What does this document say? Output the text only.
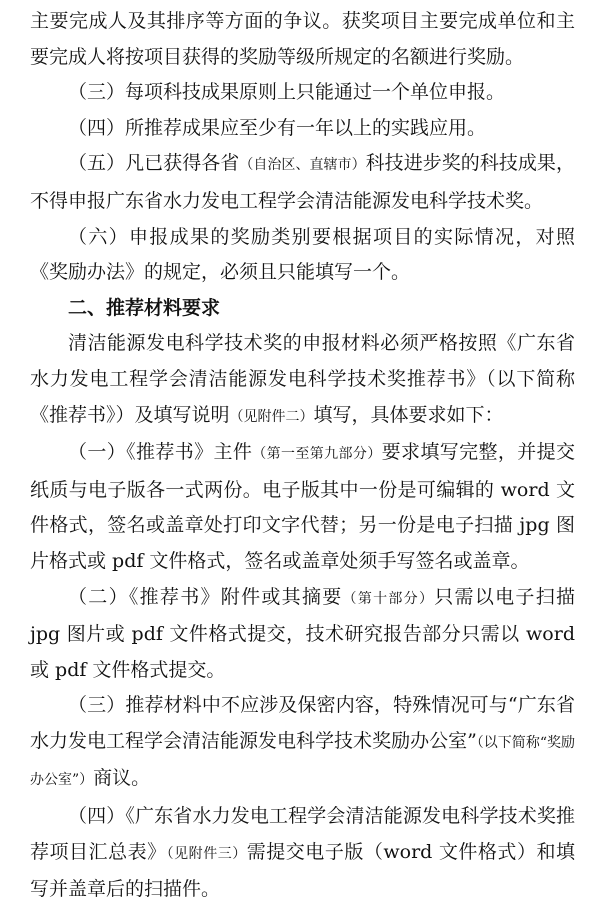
主要完成人及其排序等方面的争议。获奖项目主要完成单位和主要完成人将按项目获得的奖励等级所规定的名额进行奖励。

（三）每项科技成果原则上只能通过一个单位申报。

（四）所推荐成果应至少有一年以上的实践应用。

（五）凡已获得各省（自治区、直辖市）科技进步奖的科技成果，不得申报广东省水力发电工程学会清洁能源发电科学技术奖。

（六）申报成果的奖励类别要根据项目的实际情况，对照《奖励办法》的规定，必须且只能填写一个。

二、推荐材料要求

清洁能源发电科学技术奖的申报材料必须严格按照《广东省水力发电工程学会清洁能源发电科学技术奖推荐书》（以下简称《推荐书》）及填写说明（见附件二）填写，具体要求如下：

（一）《推荐书》主件（第一至第九部分）要求填写完整，并提交纸质与电子版各一式两份。电子版其中一份是可编辑的 word 文件格式，签名或盖章处打印文字代替；另一份是电子扫描 jpg 图片格式或 pdf 文件格式，签名或盖章处须手写签名或盖章。

（二）《推荐书》附件或其摘要（第十部分）只需以电子扫描 jpg 图片或 pdf 文件格式提交，技术研究报告部分只需以 word 或 pdf 文件格式提交。

（三）推荐材料中不应涉及保密内容，特殊情况可与“广东省水力发电工程学会清洁能源发电科学技术奖励办公室”（以下简称“奖励办公室”）商议。

（四）《广东省水力发电工程学会清洁能源发电科学技术奖推荐项目汇总表》（见附件三）需提交电子版（word 文件格式）和填写并盖章后的扫描件。
